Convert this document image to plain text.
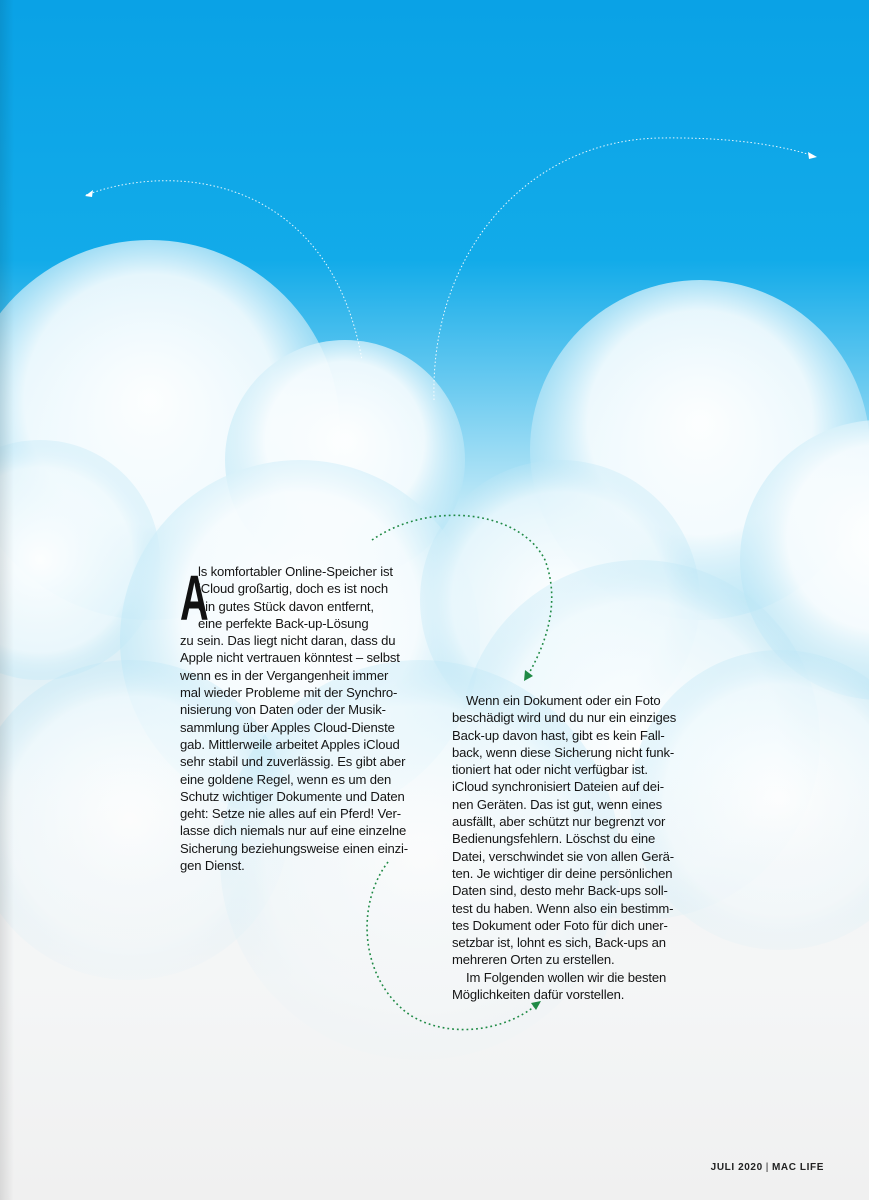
A

ls komfortabler Online-Speicher ist
iCloud großartig, doch es ist noch
ein gutes Stück davon entfernt,
eine perfekte Back-up-Lösung
zu sein. Das liegt nicht daran, dass du
Apple nicht vertrauen könntest – selbst
wenn es in der Vergangenheit immer
mal wieder Probleme mit der Synchro-
nisierung von Daten oder der Musik-
sammlung über Apples Cloud-Dienste
gab. Mittlerweile arbeitet Apples iCloud
sehr stabil und zuverlässig. Es gibt aber
eine goldene Regel, wenn es um den
Schutz wichtiger Dokumente und Daten
geht: Setze nie alles auf ein Pferd! Ver-
lasse dich niemals nur auf eine einzelne
Sicherung beziehungsweise einen einzi-
gen Dienst.

Wenn ein Dokument oder ein Foto
beschädigt wird und du nur ein einziges
Back-up davon hast, gibt es kein Fall-
back, wenn diese Sicherung nicht funk-
tioniert hat oder nicht verfügbar ist.
iCloud synchronisiert Dateien auf dei-
nen Geräten. Das ist gut, wenn eines
ausfällt, aber schützt nur begrenzt vor
Bedienungsfehlern. Löschst du eine
Datei, verschwindet sie von allen Gerä-
ten. Je wichtiger dir deine persönlichen
Daten sind, desto mehr Back-ups soll-
test du haben. Wenn also ein bestimm-
tes Dokument oder Foto für dich uner-
setzbar ist, lohnt es sich, Back-ups an
mehreren Orten zu erstellen.

Im Folgenden wollen wir die besten
Möglichkeiten dafür vorstellen.

JULI 2020 | MAC LIFE
